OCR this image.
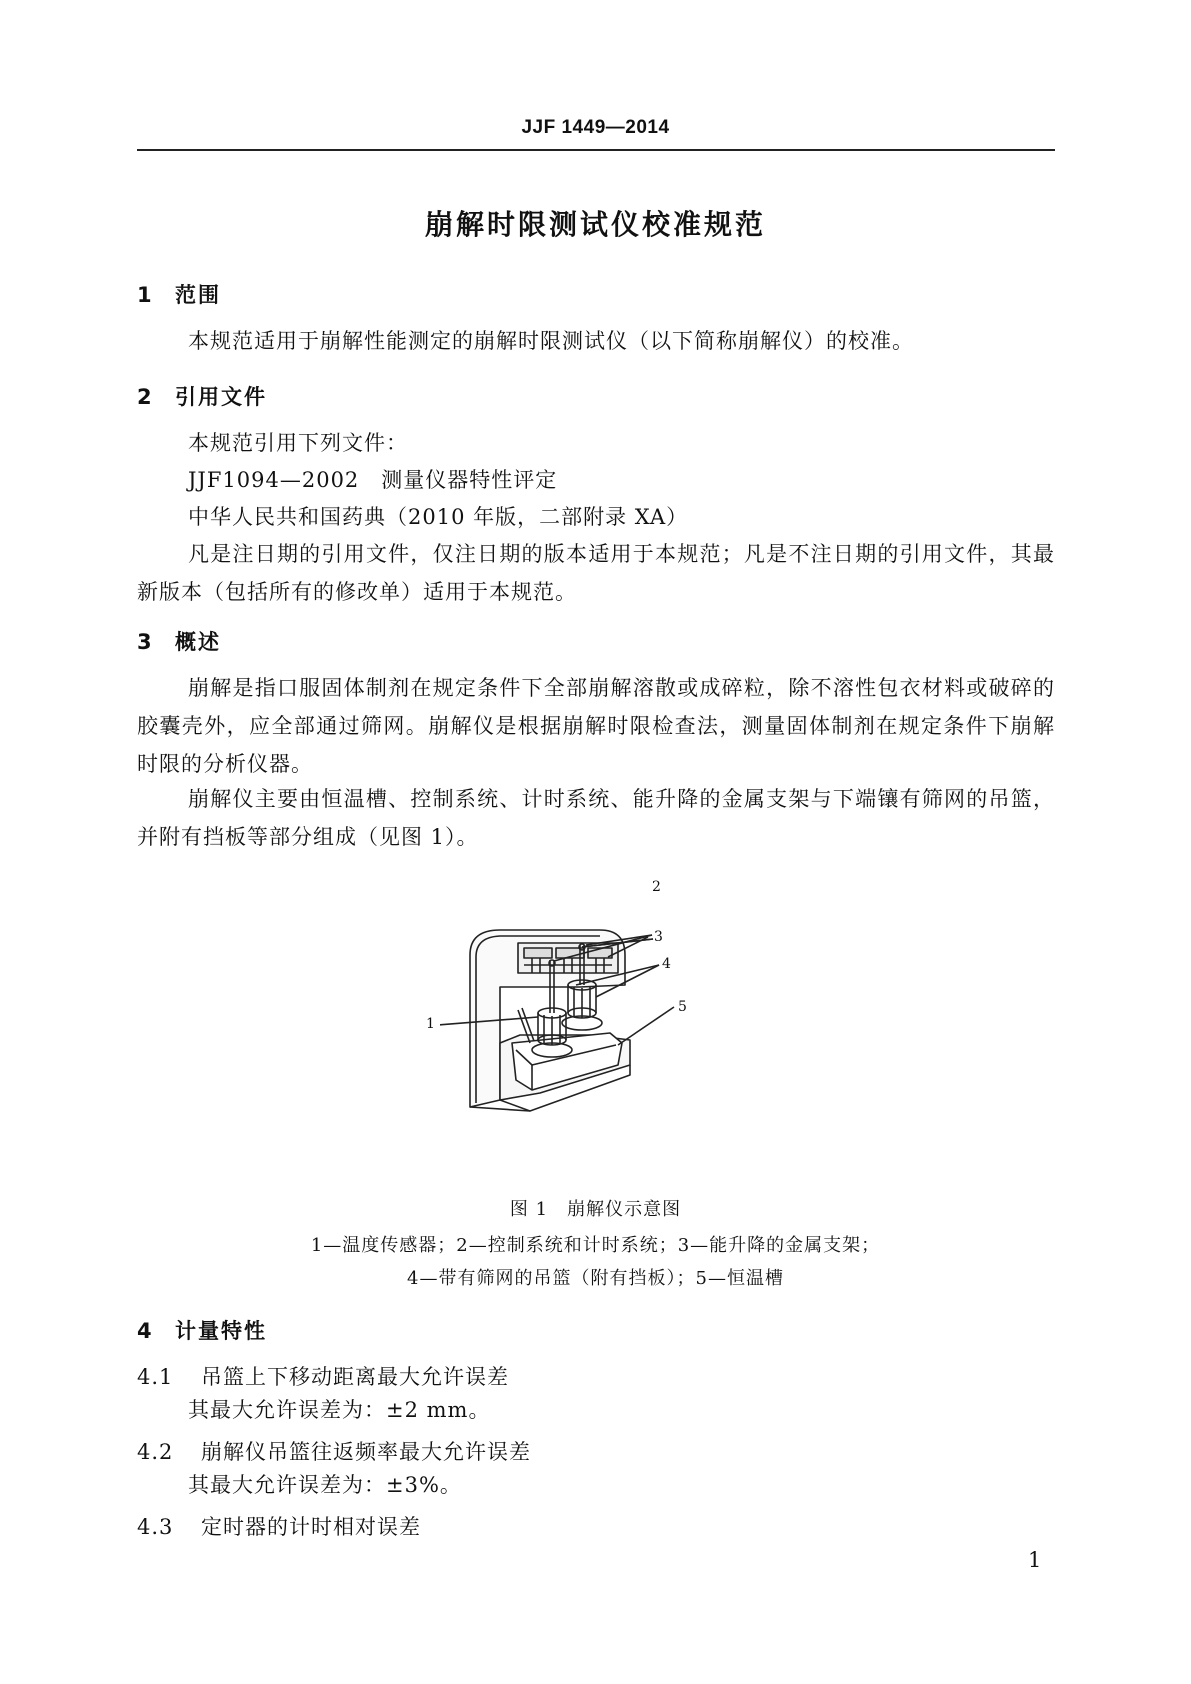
JJF 1449—2014
崩解时限测试仪校准规范
1 范围
本规范适用于崩解性能测定的崩解时限测试仪（以下简称崩解仪）的校准。
2 引用文件
本规范引用下列文件：
JJF1094—2002　测量仪器特性评定
中华人民共和国药典（2010 年版，二部附录 XA）
凡是注日期的引用文件，仅注日期的版本适用于本规范；凡是不注日期的引用文件，其最新版本（包括所有的修改单）适用于本规范。
3 概述
崩解是指口服固体制剂在规定条件下全部崩解溶散或成碎粒，除不溶性包衣材料或破碎的胶囊壳外，应全部通过筛网。崩解仪是根据崩解时限检查法，测量固体制剂在规定条件下崩解时限的分析仪器。
崩解仪主要由恒温槽、控制系统、计时系统、能升降的金属支架与下端镶有筛网的吊篮，并附有挡板等部分组成（见图 1）。
2
3
4
5
1
图 1　崩解仪示意图
1—温度传感器；2—控制系统和计时系统；3—能升降的金属支架；
4—带有筛网的吊篮（附有挡板）；5—恒温槽
4 计量特性
4.1 吊篮上下移动距离最大允许误差
其最大允许误差为：±2 mm。
4.2 崩解仪吊篮往返频率最大允许误差
其最大允许误差为：±3%。
4.3 定时器的计时相对误差
1
